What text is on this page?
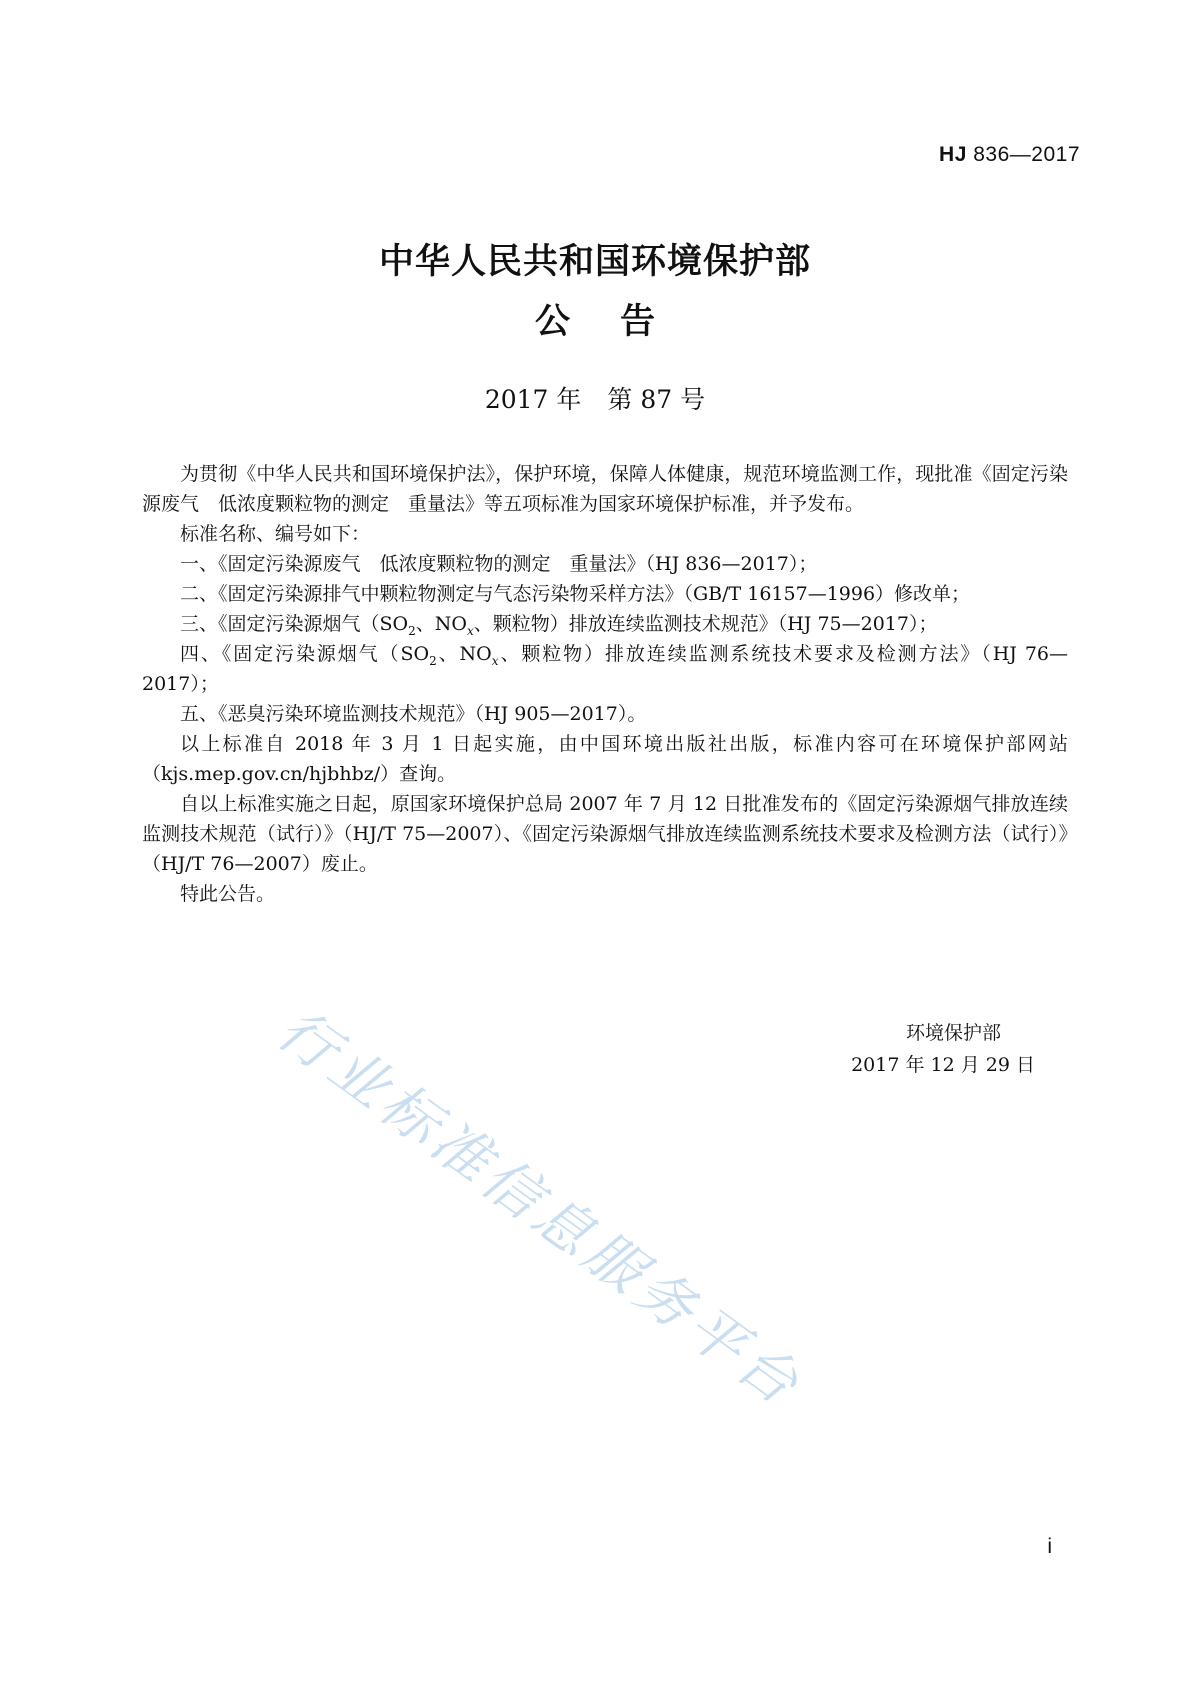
HJ 836—2017
中华人民共和国环境保护部
公 告
2017 年 第 87 号

为贯彻《中华人民共和国环境保护法》，保护环境，保障人体健康，规范环境监测工作，现批准《固定污染源废气 低浓度颗粒物的测定 重量法》等五项标准为国家环境保护标准，并予发布。

标准名称、编号如下：

一、《固定污染源废气 低浓度颗粒物的测定 重量法》（HJ 836—2017）；

二、《固定污染源排气中颗粒物测定与气态污染物采样方法》（GB/T 16157—1996）修改单；

三、《固定污染源烟气（$SO_2$、$NO_x$、颗粒物）排放连续监测技术规范》（HJ 75—2017）；

四、《固定污染源烟气（$SO_2$、$NO_x$、颗粒物）排放连续监测系统技术要求及检测方法》（HJ 76—2017）；

五、《恶臭污染环境监测技术规范》（HJ 905—2017）。

以上标准自 2018 年 3 月 1 日起实施，由中国环境出版社出版，标准内容可在环境保护部网站（kjs.mep.gov.cn/hjbhbz/）查询。

自以上标准实施之日起，原国家环境保护总局 2007 年 7 月 12 日批准发布的《固定污染源烟气排放连续监测技术规范（试行）》（HJ/T 75—2007）、《固定污染源烟气排放连续监测系统技术要求及检测方法（试行）》（HJ/T 76—2007）废止。

特此公告。

环境保护部
2017 年 12 月 29 日
行业标准信息服务平台
i
